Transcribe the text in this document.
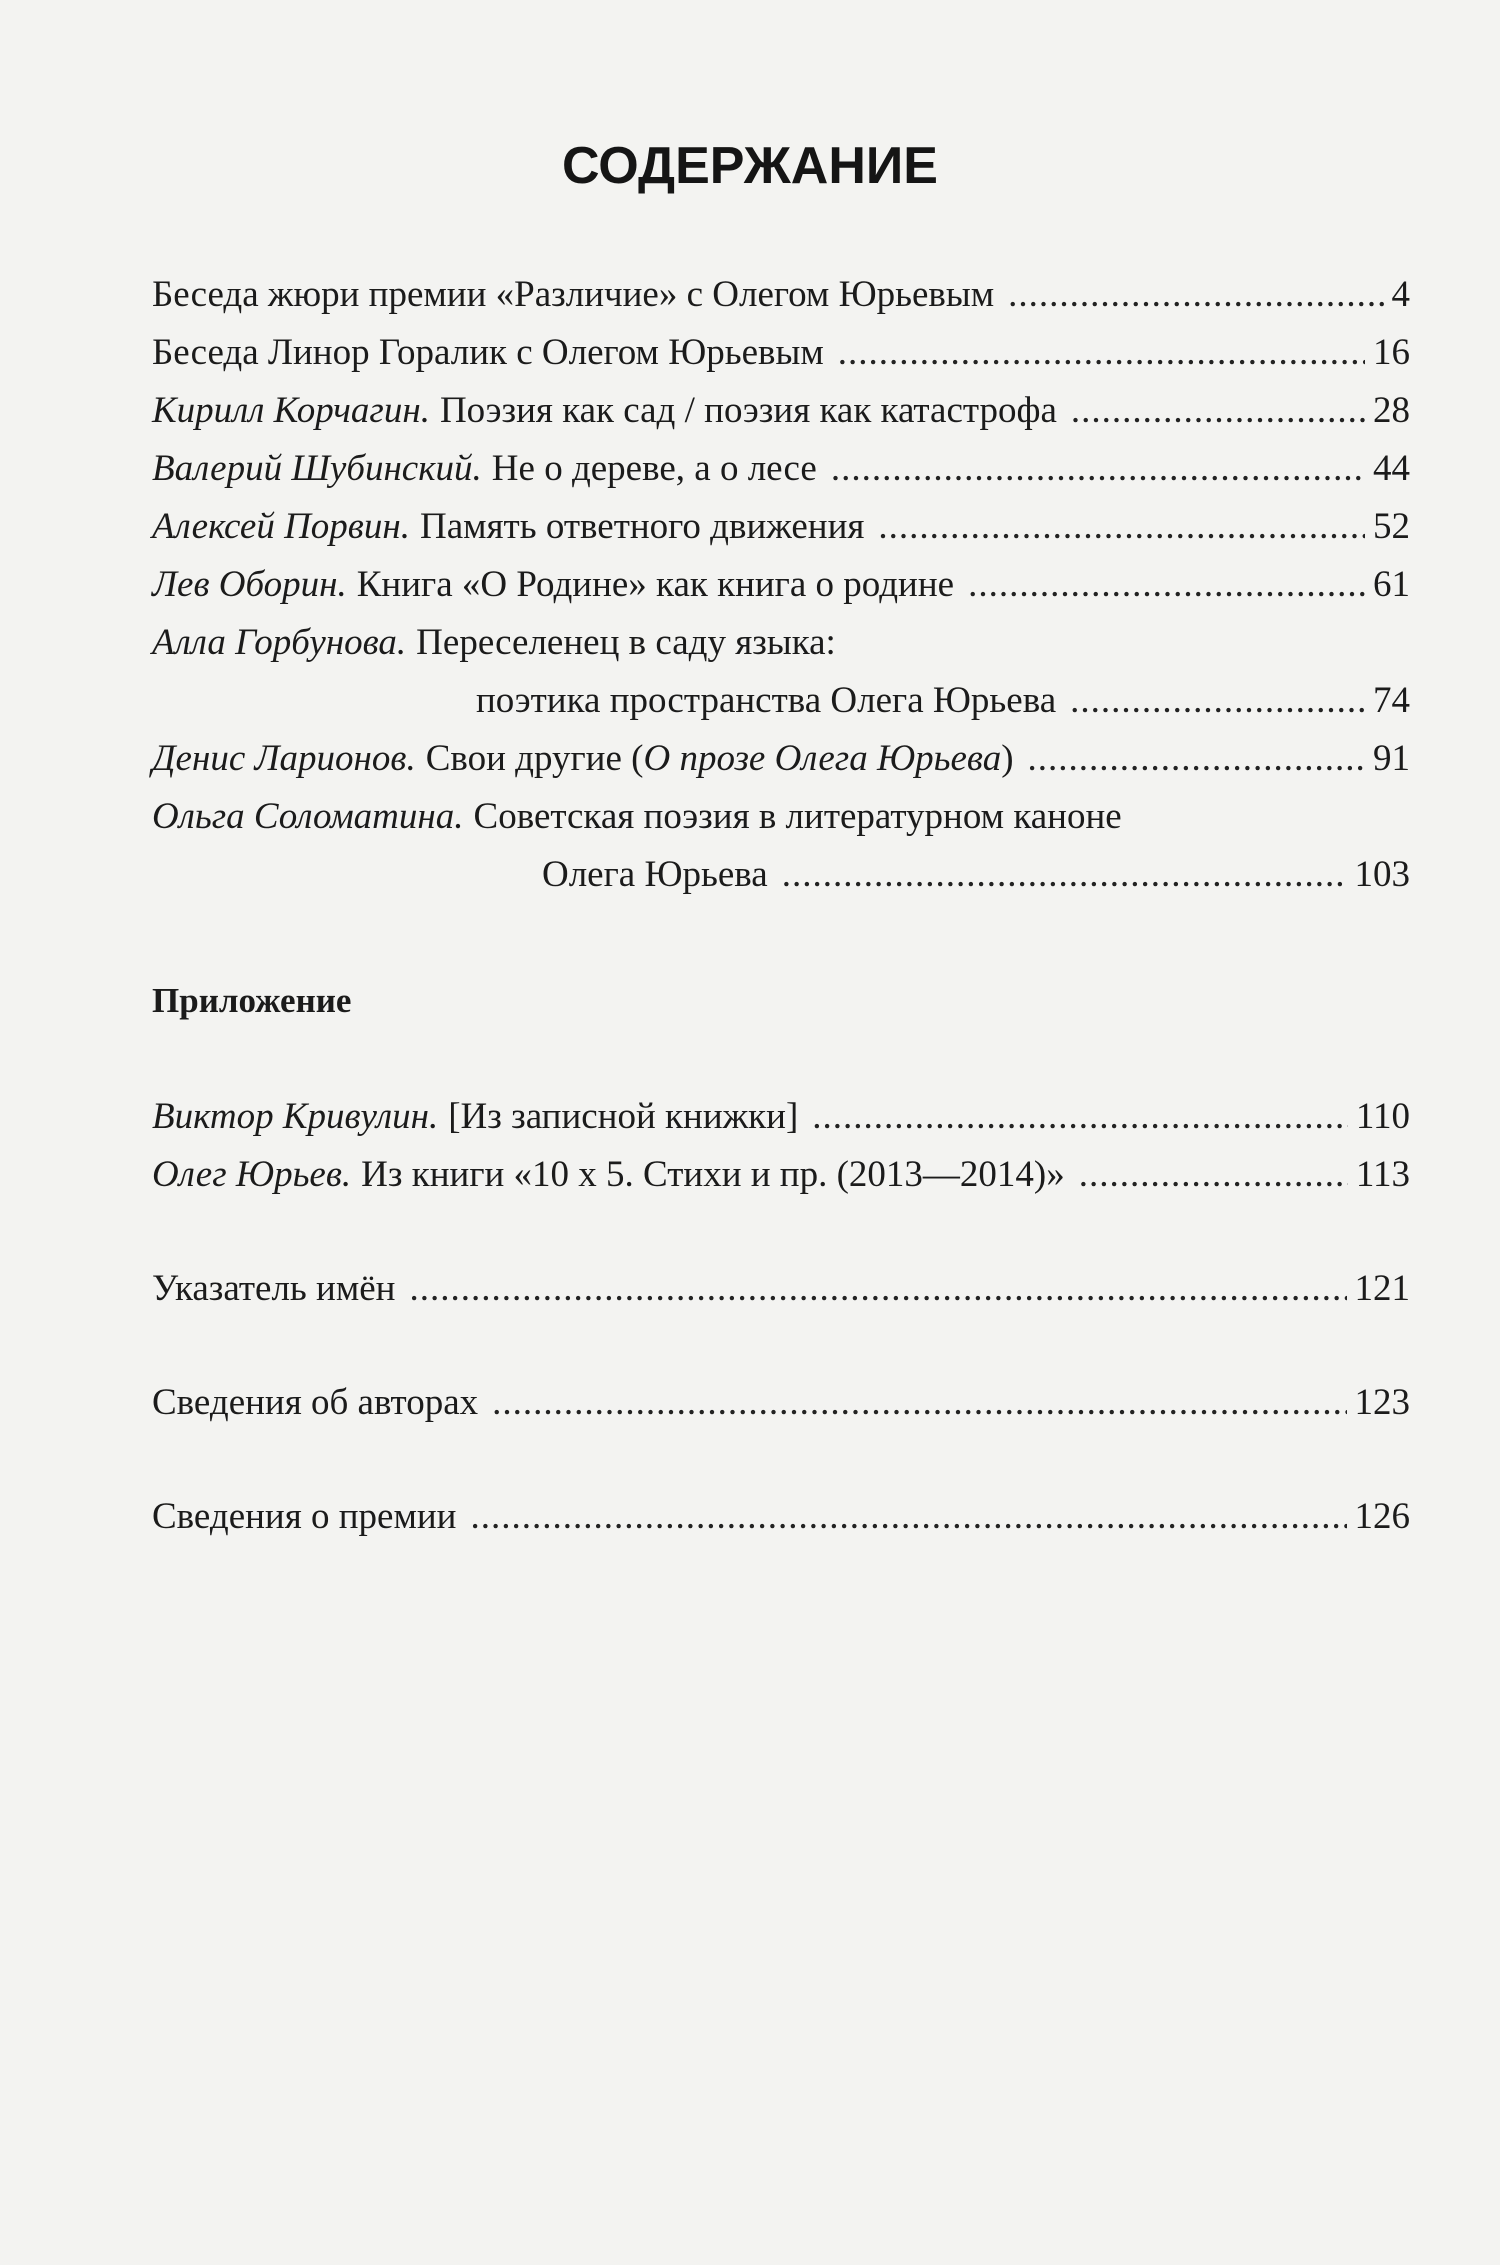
СОДЕРЖАНИЕ
Беседа жюри премии «Различие» с Олегом Юрьевым .....	4
Беседа Линор Горалик с Олегом Юрьевым .....	16
Кирилл Корчагин. Поэзия как сад / поэзия как катастрофа .....	28
Валерий Шубинский. Не о дереве, а о лесе .....	44
Алексей Порвин. Память ответного движения .....	52
Лев Оборин. Книга «О Родине» как книга о родине .....	61
Алла Горбунова. Переселенец в саду языка:
поэтика пространства Олега Юрьева .....	74
Денис Ларионов. Свои другие (О прозе Олега Юрьева) .....	91
Ольга Соломатина. Советская поэзия в литературном каноне
Олега Юрьева .....	103
Приложение
Виктор Кривулин. [Из записной книжки] .....	110
Олег Юрьев. Из книги «10 х 5. Стихи и пр. (2013—2014)» .....	113
Указатель имён .....	121
Сведения об авторах .....	123
Сведения о премии .....	126
